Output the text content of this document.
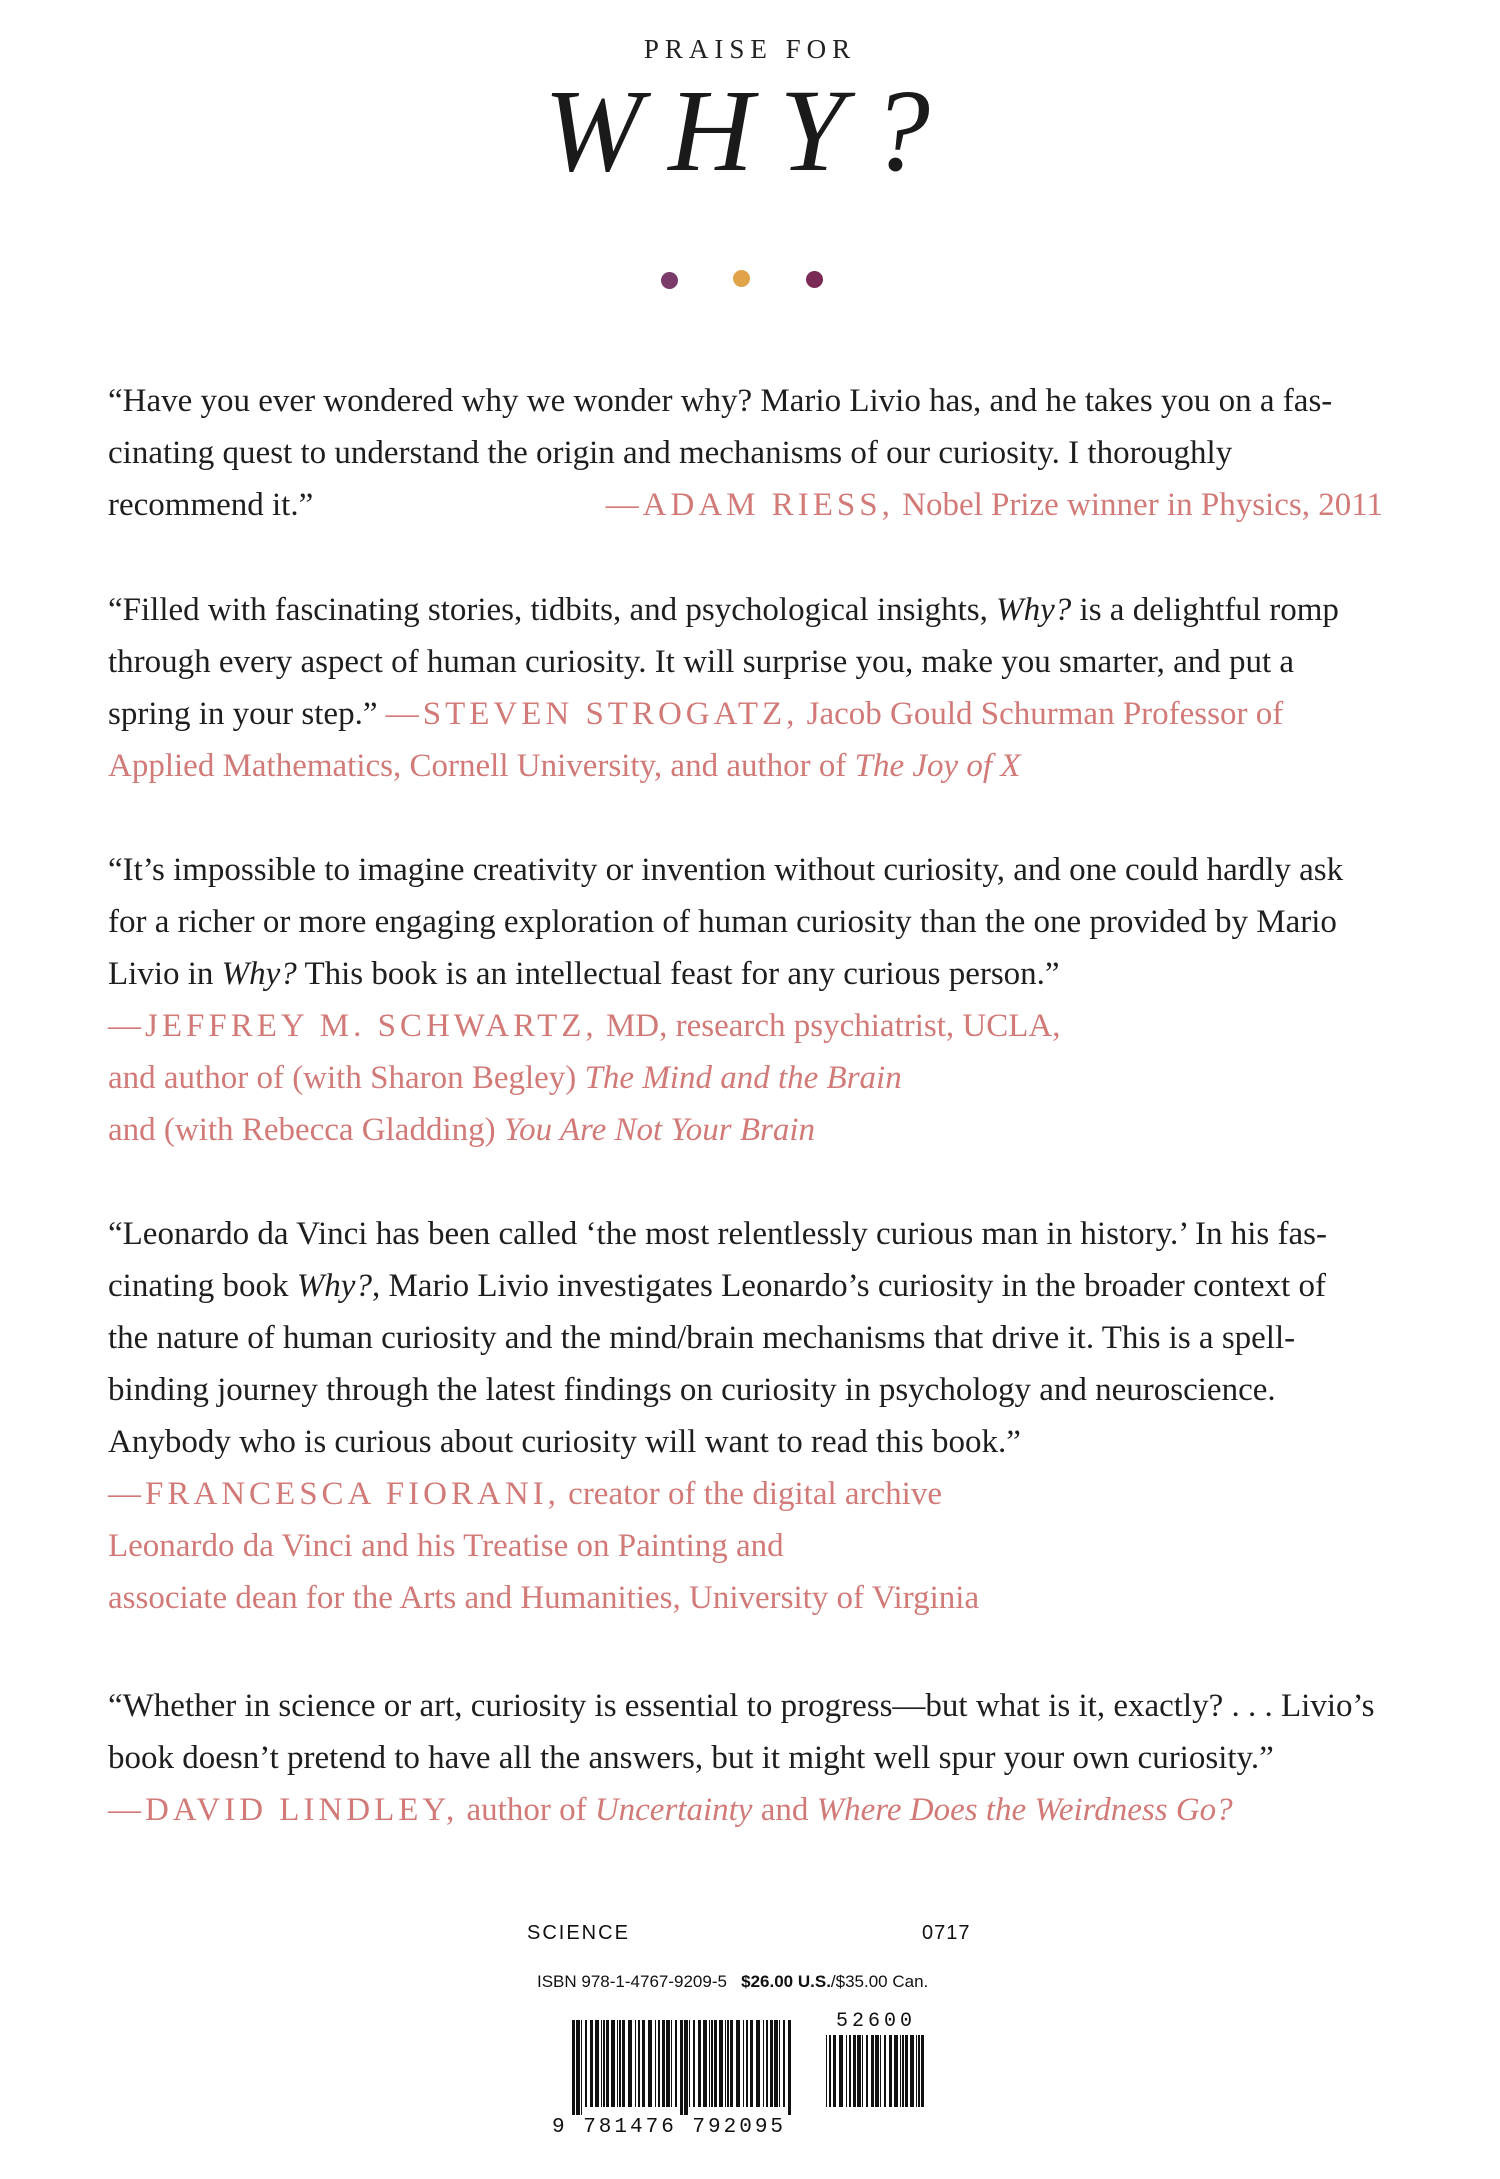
PRAISE FOR
WHY?
“Have you ever wondered why we wonder why? Mario Livio has, and he takes you on a fas-
cinating quest to understand the origin and mechanisms of our curiosity. I thoroughly
recommend it.”	—ADAM RIESS, Nobel Prize winner in Physics, 2011
“Filled with fascinating stories, tidbits, and psychological insights, Why? is a delightful romp
through every aspect of human curiosity. It will surprise you, make you smarter, and put a
spring in your step.” —STEVEN STROGATZ, Jacob Gould Schurman Professor of
Applied Mathematics, Cornell University, and author of The Joy of X
“It’s impossible to imagine creativity or invention without curiosity, and one could hardly ask
for a richer or more engaging exploration of human curiosity than the one provided by Mario
Livio in Why? This book is an intellectual feast for any curious person.”
—JEFFREY M. SCHWARTZ, MD, research psychiatrist, UCLA,
and author of (with Sharon Begley) The Mind and the Brain
and (with Rebecca Gladding) You Are Not Your Brain
“Leonardo da Vinci has been called ‘the most relentlessly curious man in history.’ In his fas-
cinating book Why?, Mario Livio investigates Leonardo’s curiosity in the broader context of
the nature of human curiosity and the mind/brain mechanisms that drive it. This is a spell-
binding journey through the latest findings on curiosity in psychology and neuroscience.
Anybody who is curious about curiosity will want to read this book.”
—FRANCESCA FIORANI, creator of the digital archive
Leonardo da Vinci and his Treatise on Painting and
associate dean for the Arts and Humanities, University of Virginia
“Whether in science or art, curiosity is essential to progress—but what is it, exactly? . . . Livio’s
book doesn’t pretend to have all the answers, but it might well spur your own curiosity.”
—DAVID LINDLEY, author of Uncertainty and Where Does the Weirdness Go?
SCIENCE	0717
ISBN 978-1-4767-9209-5 $26.00 U.S./$35.00 Can.
52600
9 781476 792095
